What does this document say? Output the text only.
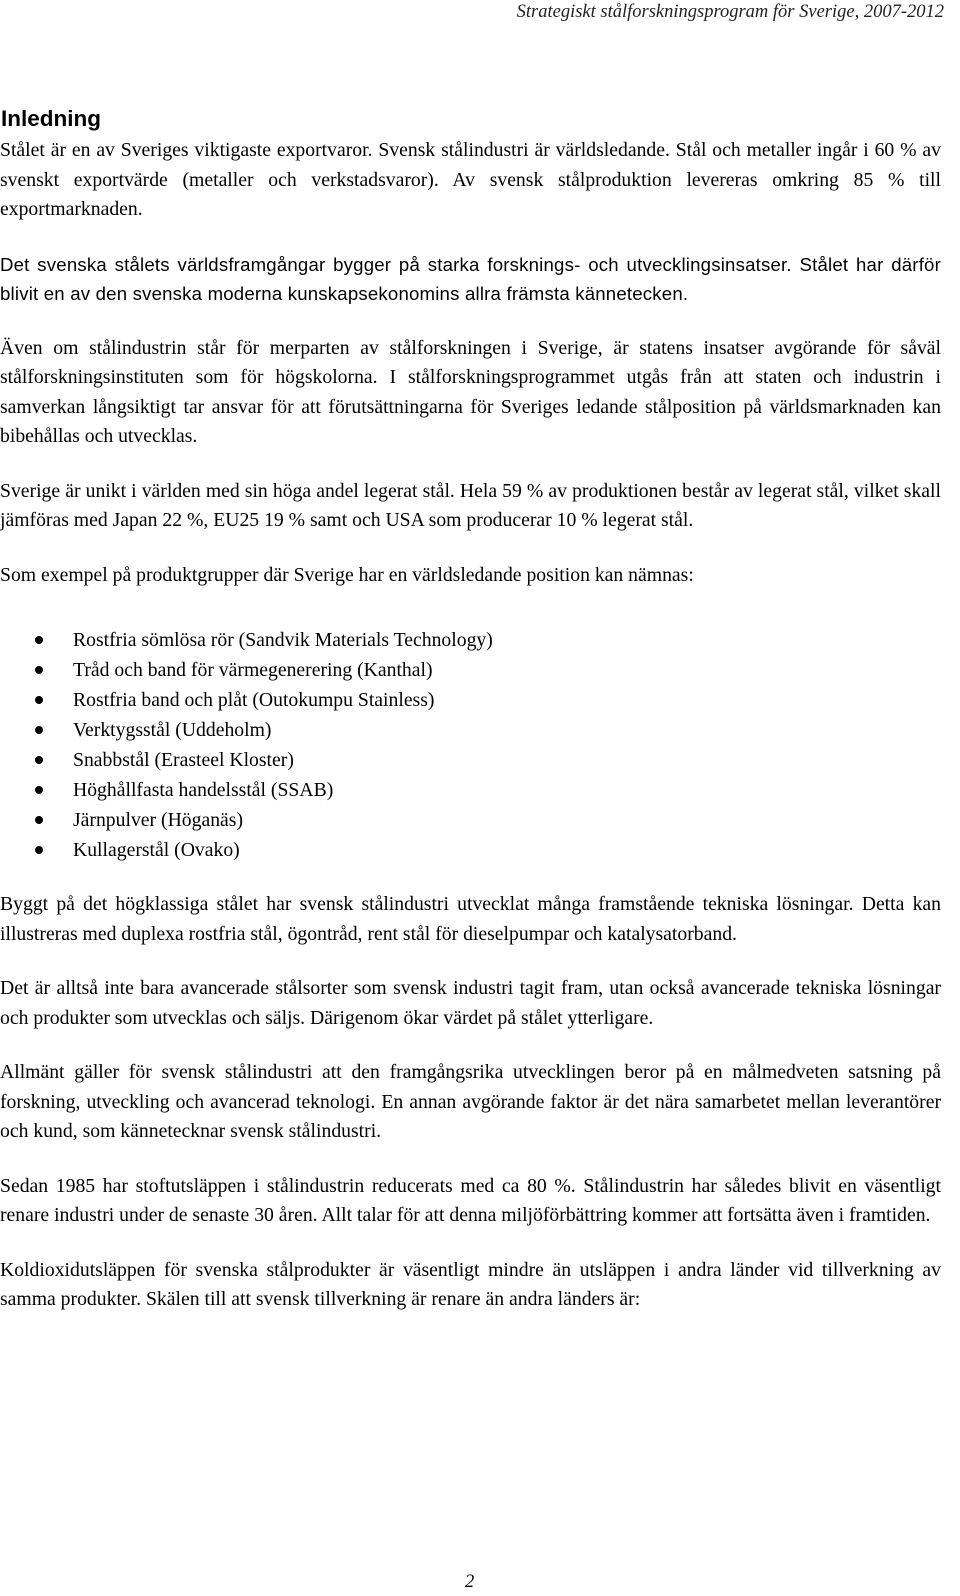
Strategiskt stålforskningsprogram för Sverige, 2007-2012
Inledning

Stålet är en av Sveriges viktigaste exportvaror. Svensk stålindustri är världsledande. Stål och metaller ingår i 60 % av svenskt exportvärde (metaller och verkstadsvaror). Av svensk stålproduktion levereras omkring 85 % till exportmarknaden.

Det svenska stålets världsframgångar bygger på starka forsknings- och utvecklingsinsatser. Stålet har därför blivit en av den svenska moderna kunskapsekonomins allra främsta kännetecken.

Även om stålindustrin står för merparten av stålforskningen i Sverige, är statens insatser avgörande för såväl stålforskningsinstituten som för högskolorna. I stålforskningsprogrammet utgås från att staten och industrin i samverkan långsiktigt tar ansvar för att förutsättningarna för Sveriges ledande stålposition på världsmarknaden kan bibehållas och utvecklas.

Sverige är unikt i världen med sin höga andel legerat stål. Hela 59 % av produktionen består av legerat stål, vilket skall jämföras med Japan 22 %, EU25 19 % samt och USA som producerar 10 % legerat stål.

Som exempel på produktgrupper där Sverige har en världsledande position kan nämnas:

Rostfria sömlösa rör (Sandvik Materials Technology)
Tråd och band för värmegenerering (Kanthal)
Rostfria band och plåt (Outokumpu Stainless)
Verktygsstål (Uddeholm)
Snabbstål (Erasteel Kloster)
Höghållfasta handelsstål (SSAB)
Järnpulver (Höganäs)
Kullagerstål (Ovako)

Byggt på det högklassiga stålet har svensk stålindustri utvecklat många framstående tekniska lösningar. Detta kan illustreras med duplexa rostfria stål, ögontråd, rent stål för dieselpumpar och katalysatorband.

Det är alltså inte bara avancerade stålsorter som svensk industri tagit fram, utan också avancerade tekniska lösningar och produkter som utvecklas och säljs. Därigenom ökar värdet på stålet ytterligare.

Allmänt gäller för svensk stålindustri att den framgångsrika utvecklingen beror på en målmedveten satsning på forskning, utveckling och avancerad teknologi. En annan avgörande faktor är det nära samarbetet mellan leverantörer och kund, som kännetecknar svensk stålindustri.

Sedan 1985 har stoftutsläppen i stålindustrin reducerats med ca 80 %. Stålindustrin har således blivit en väsentligt renare industri under de senaste 30 åren. Allt talar för att denna miljöförbättring kommer att fortsätta även i framtiden.

Koldioxidutsläppen för svenska stålprodukter är väsentligt mindre än utsläppen i andra länder vid tillverkning av samma produkter. Skälen till att svensk tillverkning är renare än andra länders är:

2
